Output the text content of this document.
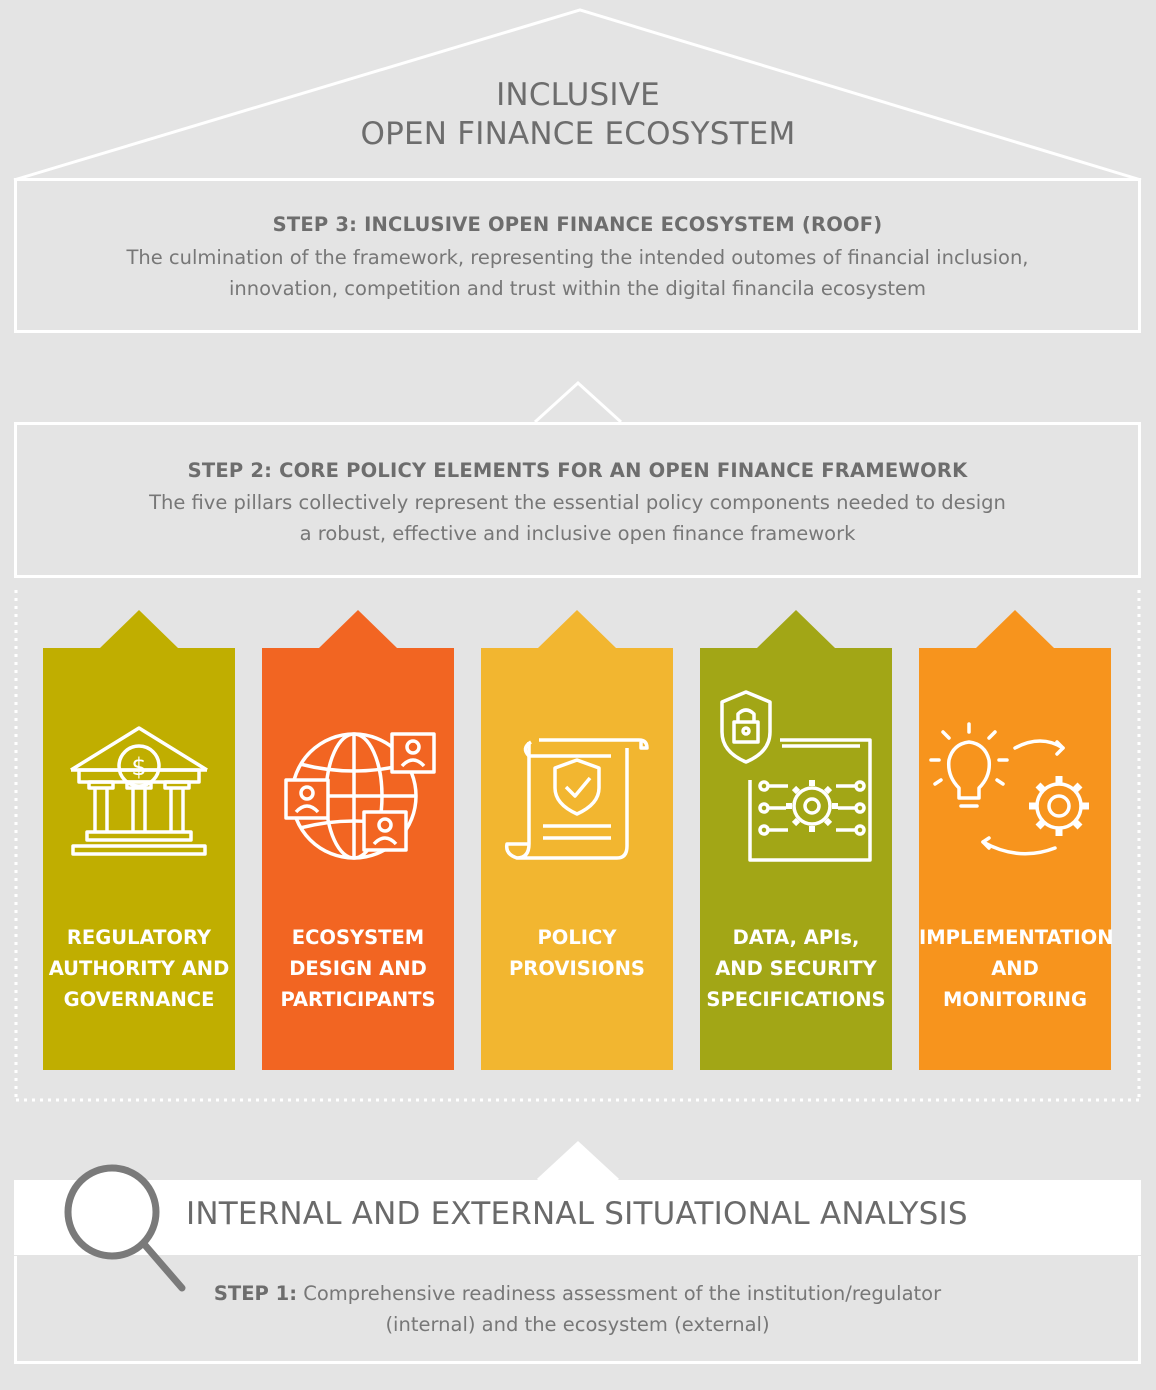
INCLUSIVE
OPEN FINANCE ECOSYSTEM
STEP 3: INCLUSIVE OPEN FINANCE ECOSYSTEM (ROOF)
The culmination of the framework, representing the intended outomes of financial inclusion,
innovation, competition and trust within the digital financila ecosystem
STEP 2: CORE POLICY ELEMENTS FOR AN OPEN FINANCE FRAMEWORK
The five pillars collectively represent the essential policy components needed to design
a robust, effective and inclusive open finance framework
$
REGULATORY
AUTHORITY AND
GOVERNANCE
ECOSYSTEM
DESIGN AND
PARTICIPANTS
POLICY
PROVISIONS
DATA, APIs,
AND SECURITY
SPECIFICATIONS
IMPLEMENTATION
AND
MONITORING
INTERNAL AND EXTERNAL SITUATIONAL ANALYSIS

STEP 1: Comprehensive readiness assessment of the institution/regulator

(internal) and the ecosystem (external)
